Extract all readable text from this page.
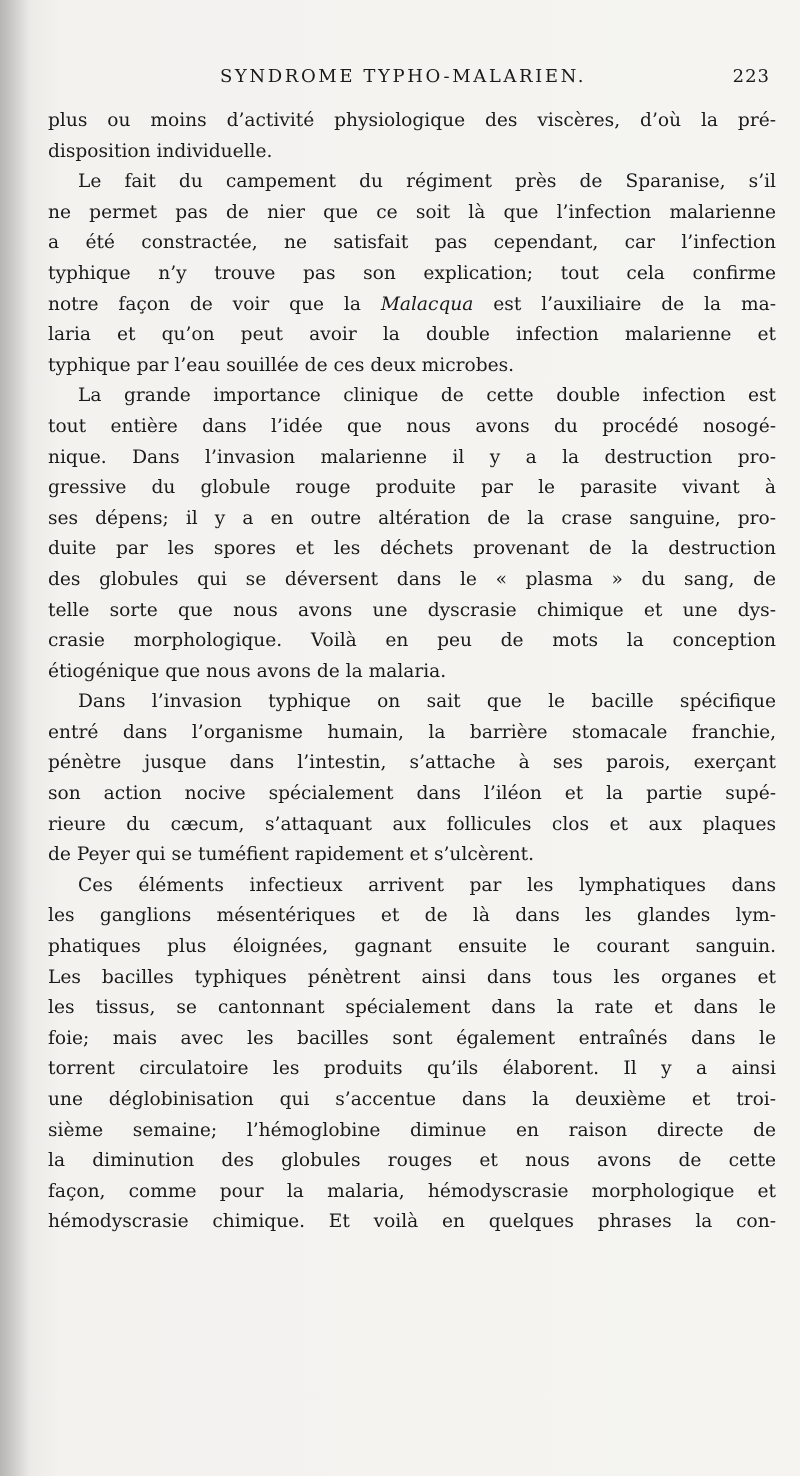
SYNDROME TYPHO-MALARIEN.	223
plus ou moins d’activité physiologique des viscères, d’où la pré-
disposition individuelle.
Le fait du campement du régiment près de Sparanise, s’il
ne permet pas de nier que ce soit là que l’infection malarienne
a été constractée, ne satisfait pas cependant, car l’infection
typhique n’y trouve pas son explication; tout cela confirme
notre façon de voir que la Malacqua est l’auxiliaire de la ma-
laria et qu’on peut avoir la double infection malarienne et
typhique par l’eau souillée de ces deux microbes.
La grande importance clinique de cette double infection est
tout entière dans l’idée que nous avons du procédé nosogé-
nique. Dans l’invasion malarienne il y a la destruction pro-
gressive du globule rouge produite par le parasite vivant à
ses dépens; il y a en outre altération de la crase sanguine, pro-
duite par les spores et les déchets provenant de la destruction
des globules qui se déversent dans le « plasma » du sang, de
telle sorte que nous avons une dyscrasie chimique et une dys-
crasie morphologique. Voilà en peu de mots la conception
étiogénique que nous avons de la malaria.
Dans l’invasion typhique on sait que le bacille spécifique
entré dans l’organisme humain, la barrière stomacale franchie,
pénètre jusque dans l’intestin, s’attache à ses parois, exerçant
son action nocive spécialement dans l’iléon et la partie supé-
rieure du cæcum, s’attaquant aux follicules clos et aux plaques
de Peyer qui se tuméfient rapidement et s’ulcèrent.
Ces éléments infectieux arrivent par les lymphatiques dans
les ganglions mésentériques et de là dans les glandes lym-
phatiques plus éloignées, gagnant ensuite le courant sanguin.
Les bacilles typhiques pénètrent ainsi dans tous les organes et
les tissus, se cantonnant spécialement dans la rate et dans le
foie; mais avec les bacilles sont également entraînés dans le
torrent circulatoire les produits qu’ils élaborent. Il y a ainsi
une déglobinisation qui s’accentue dans la deuxième et troi-
sième semaine; l’hémoglobine diminue en raison directe de
la diminution des globules rouges et nous avons de cette
façon, comme pour la malaria, hémodyscrasie morphologique et
hémodyscrasie chimique. Et voilà en quelques phrases la con-
